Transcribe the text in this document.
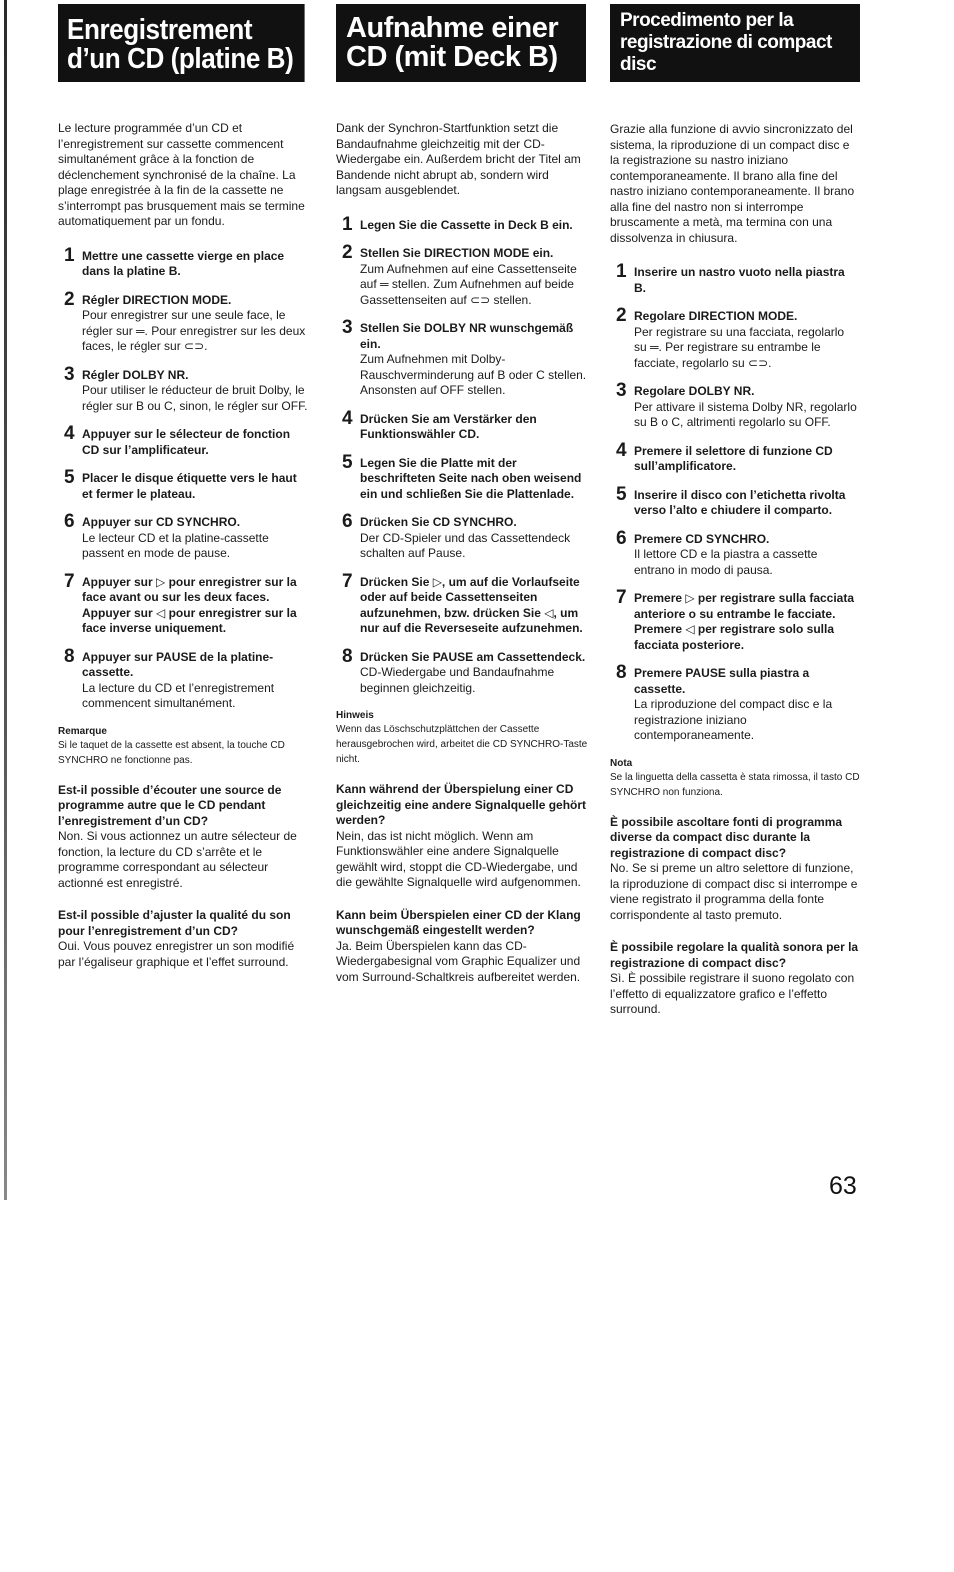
Enregistrement d’un CD (platine B)

Le lecture programmée d’un CD et l’enregistrement sur cassette commencent simultanément grâce à la fonction de déclenchement synchronisé de la chaîne. La plage enregistrée à la fin de la cassette ne s’interrompt pas brusquement mais se termine automatiquement par un fondu.

1 Mettre une cassette vierge en place dans la platine B.

2 Régler DIRECTION MODE.

Pour enregistrer sur une seule face, le régler sur ═. Pour enregistrer sur les deux faces, le régler sur ⊂⊃.

3 Régler DOLBY NR.

Pour utiliser le réducteur de bruit Dolby, le régler sur B ou C, sinon, le régler sur OFF.

4 Appuyer sur le sélecteur de fonction CD sur l’amplificateur.

5 Placer le disque étiquette vers le haut et fermer le plateau.

6 Appuyer sur CD SYNCHRO.

Le lecteur CD et la platine-cassette passent en mode de pause.

7 Appuyer sur ▷ pour enregistrer sur la face avant ou sur les deux faces. Appuyer sur ◁ pour enregistrer sur la face inverse uniquement.

8 Appuyer sur PAUSE de la platine-cassette.

La lecture du CD et l’enregistrement commencent simultanément.

Remarque

Si le taquet de la cassette est absent, la touche CD SYNCHRO ne fonctionne pas.

Est-il possible d’écouter une source de programme autre que le CD pendant l’enregistrement d’un CD?

Non. Si vous actionnez un autre sélecteur de fonction, la lecture du CD s’arrête et le programme correspondant au sélecteur actionné est enregistré.

Est-il possible d’ajuster la qualité du son pour l’enregistrement d’un CD?

Oui. Vous pouvez enregistrer un son modifié par l’égaliseur graphique et l’effet surround.

Aufnahme einer CD (mit Deck B)

Dank der Synchron-Startfunktion setzt die Bandaufnahme gleichzeitig mit der CD-Wiedergabe ein. Außerdem bricht der Titel am Bandende nicht abrupt ab, sondern wird langsam ausgeblendet.

1 Legen Sie die Cassette in Deck B ein.

2 Stellen Sie DIRECTION MODE ein.

Zum Aufnehmen auf eine Cassettenseite auf ═ stellen. Zum Aufnehmen auf beide Gassettenseiten auf ⊂⊃ stellen.

3 Stellen Sie DOLBY NR wunschgemäß ein.

Zum Aufnehmen mit Dolby-Rauschverminderung auf B oder C stellen. Ansonsten auf OFF stellen.

4 Drücken Sie am Verstärker den Funktionswähler CD.

5 Legen Sie die Platte mit der beschrifteten Seite nach oben weisend ein und schließen Sie die Plattenlade.

6 Drücken Sie CD SYNCHRO.

Der CD-Spieler und das Cassettendeck schalten auf Pause.

7 Drücken Sie ▷, um auf die Vorlaufseite oder auf beide Cassettenseiten aufzunehmen, bzw. drücken Sie ◁, um nur auf die Reverseseite aufzunehmen.

8 Drücken Sie PAUSE am Cassettendeck.

CD-Wiedergabe und Bandaufnahme beginnen gleichzeitig.

Hinweis

Wenn das Löschschutzplättchen der Cassette herausgebrochen wird, arbeitet die CD SYNCHRO-Taste nicht.

Kann während der Überspielung einer CD gleichzeitig eine andere Signalquelle gehört werden?

Nein, das ist nicht möglich. Wenn am Funktionswähler eine andere Signalquelle gewählt wird, stoppt die CD-Wiedergabe, und die gewählte Signalquelle wird aufgenommen.

Kann beim Überspielen einer CD der Klang wunschgemäß eingestellt werden?

Ja. Beim Überspielen kann das CD-Wiedergabesignal vom Graphic Equalizer und vom Surround-Schaltkreis aufbereitet werden.

Procedimento per la registrazione di compact disc

Grazie alla funzione di avvio sincronizzato del sistema, la riproduzione di un compact disc e la registrazione su nastro iniziano contemporaneamente. Il brano alla fine del nastro iniziano contemporaneamente. Il brano alla fine del nastro non si interrompe bruscamente a metà, ma termina con una dissolvenza in chiusura.

1 Inserire un nastro vuoto nella piastra B.

2 Regolare DIRECTION MODE.

Per registrare su una facciata, regolarlo su ═. Per registrare su entrambe le facciate, regolarlo su ⊂⊃.

3 Regolare DOLBY NR.

Per attivare il sistema Dolby NR, regolarlo su B o C, altrimenti regolarlo su OFF.

4 Premere il selettore di funzione CD sull’amplificatore.

5 Inserire il disco con l’etichetta rivolta verso l’alto e chiudere il comparto.

6 Premere CD SYNCHRO.

Il lettore CD e la piastra a cassette entrano in modo di pausa.

7 Premere ▷ per registrare sulla facciata anteriore o su entrambe le facciate. Premere ◁ per registrare solo sulla facciata posteriore.

8 Premere PAUSE sulla piastra a cassette.

La riproduzione del compact disc e la registrazione iniziano contemporaneamente.

Nota

Se la linguetta della cassetta è stata rimossa, il tasto CD SYNCHRO non funziona.

È possibile ascoltare fonti di programma diverse da compact disc durante la registrazione di compact disc?

No. Se si preme un altro selettore di funzione, la riproduzione di compact disc si interrompe e viene registrato il programma della fonte corrispondente al tasto premuto.

È possibile regolare la qualità sonora per la registrazione di compact disc?

Sì. È possibile registrare il suono regolato con l’effetto di equalizzatore grafico e l’effetto surround.

63
